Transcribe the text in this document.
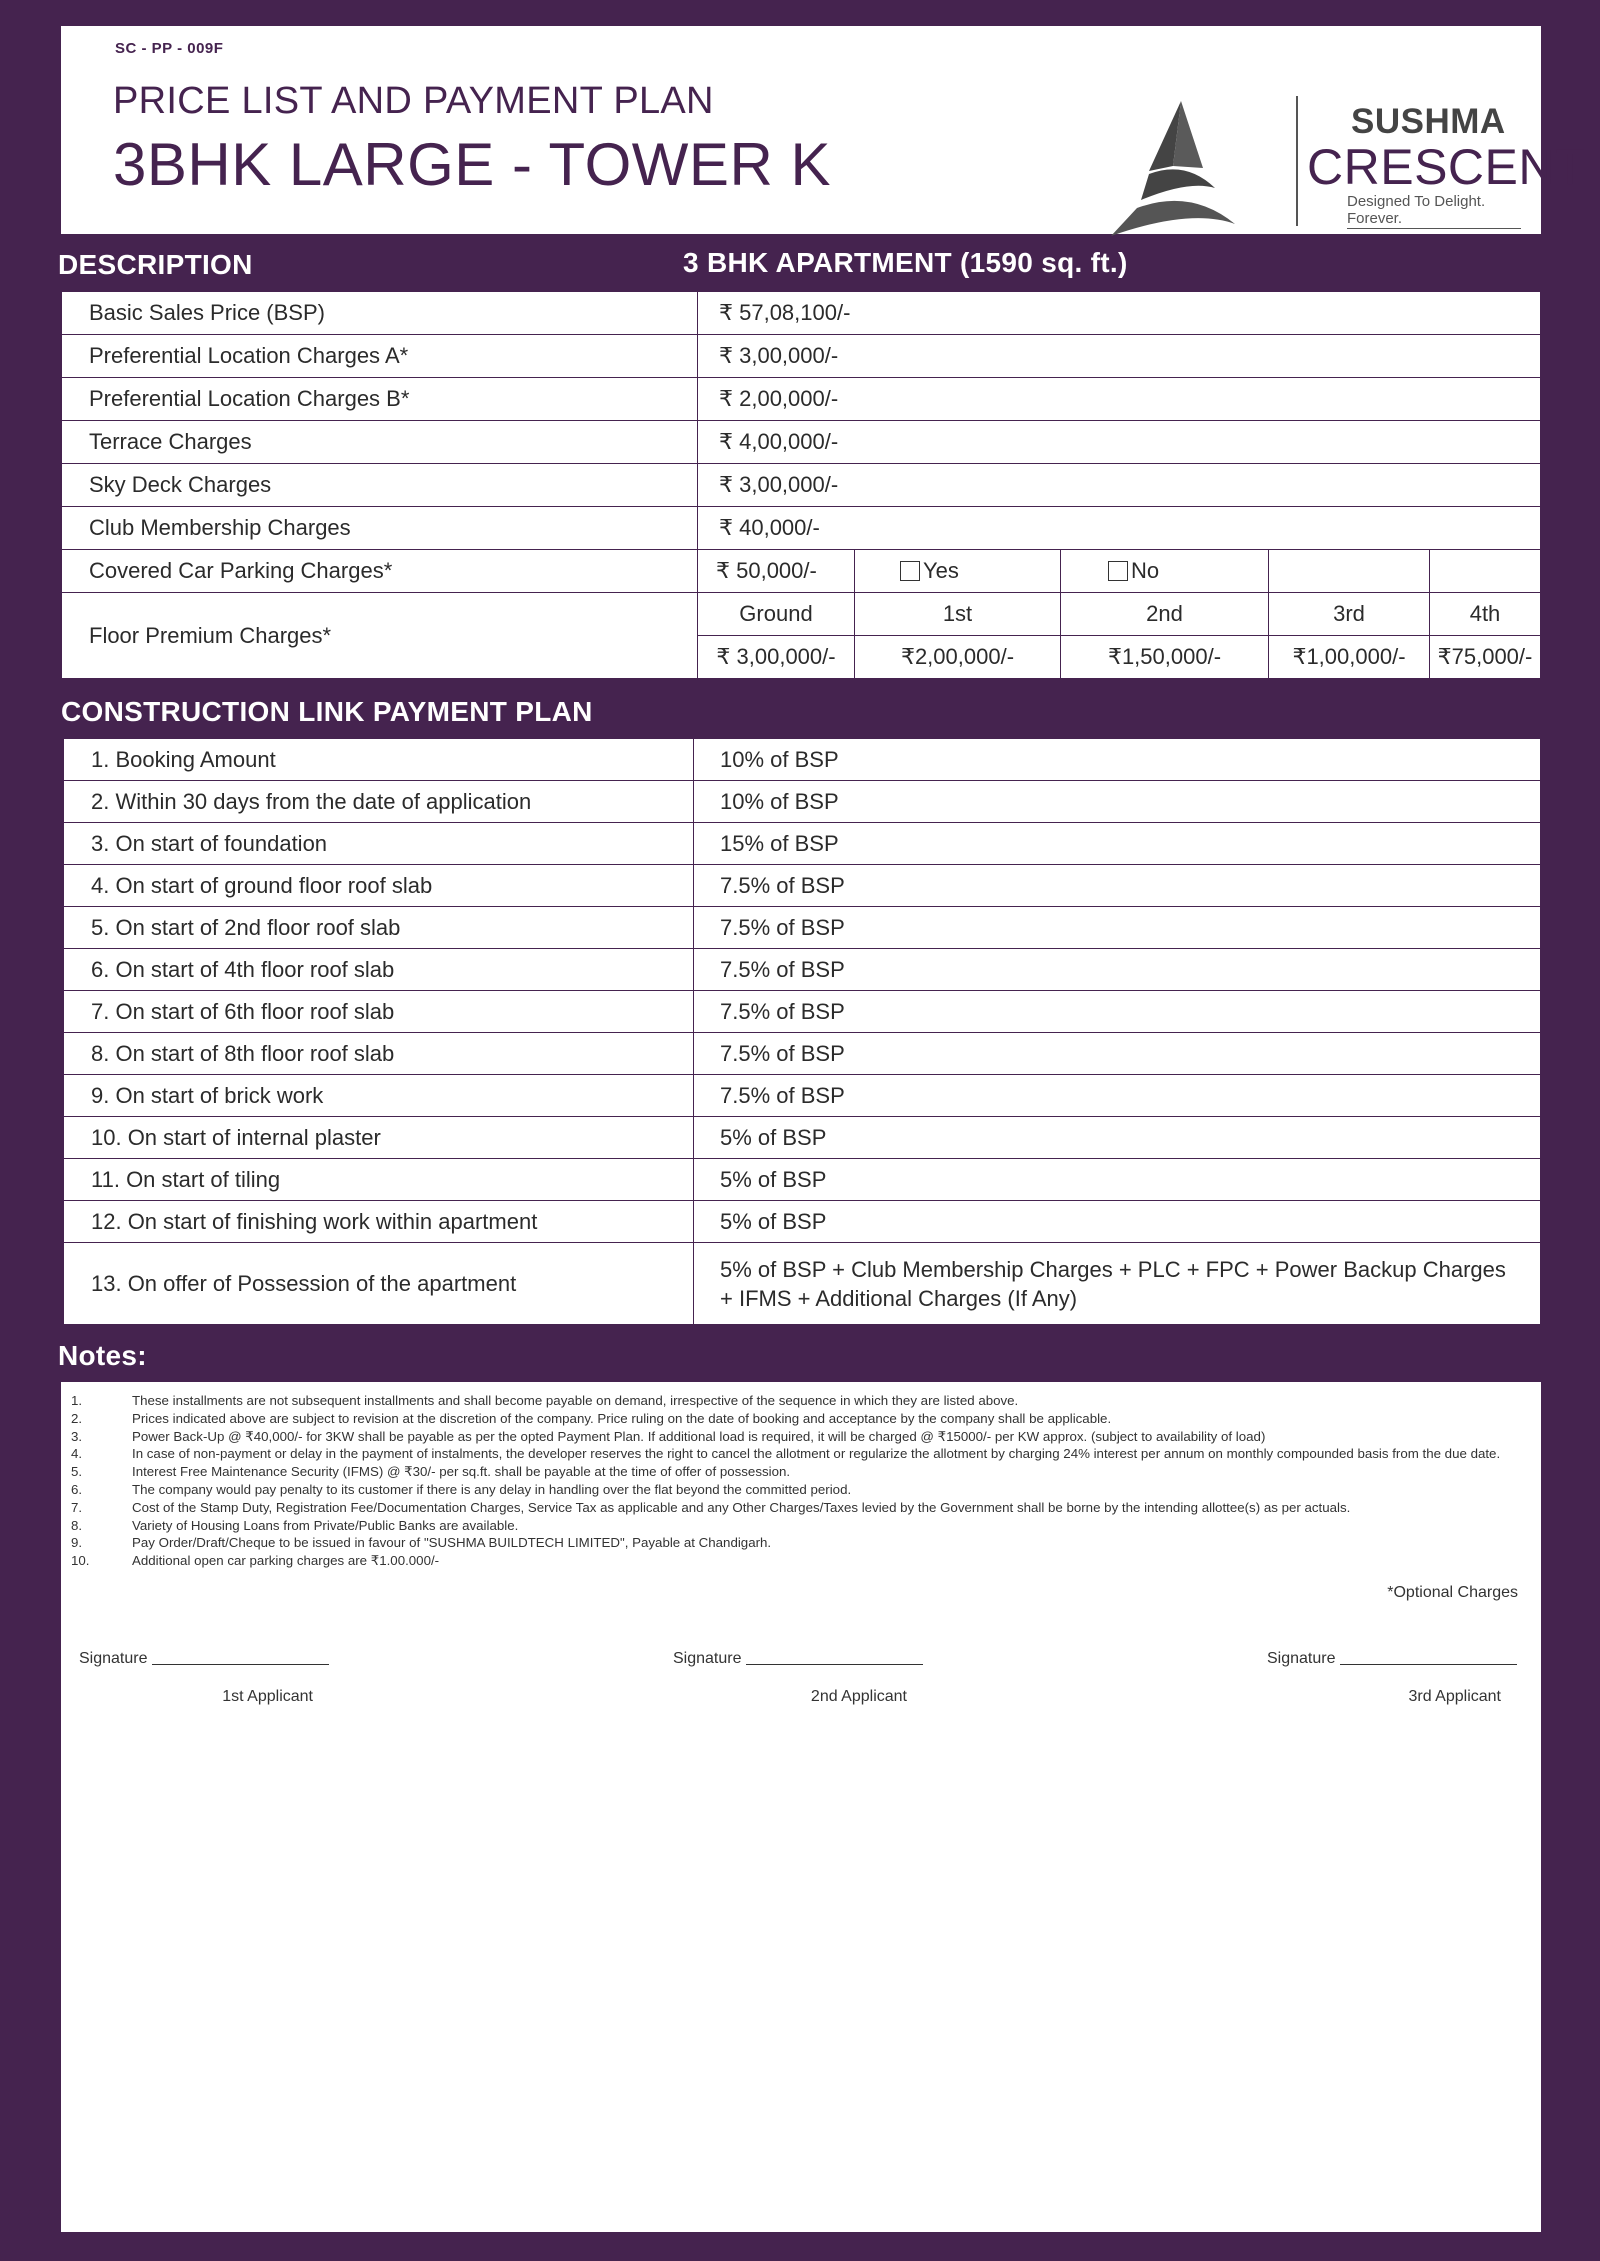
SC - PP - 009F
PRICE LIST AND PAYMENT PLAN
3BHK LARGE - TOWER K
SUSHMA
CRESCENT
Designed To Delight. Forever.
DESCRIPTION	3 BHK APARTMENT (1590 sq. ft.)
Basic Sales Price (BSP)	₹ 57,08,100/-				
Preferential Location Charges A*	₹ 3,00,000/-				
Preferential Location Charges B*	₹ 2,00,000/-				
Terrace Charges	₹ 4,00,000/-				
Sky Deck Charges	₹ 3,00,000/-				
Club Membership Charges	₹ 40,000/-				
Covered Car Parking Charges*	₹ 50,000/-	Yes	No		
Floor Premium Charges*	Ground	1st	2nd	3rd	4th
	₹ 3,00,000/-	₹2,00,000/-	₹1,50,000/-	₹1,00,000/-	₹75,000/-
CONSTRUCTION LINK PAYMENT PLAN
1. Booking Amount	10% of BSP
2. Within 30 days from the date of application	10% of BSP
3. On start of foundation	15% of BSP
4. On start of ground floor roof slab	7.5% of BSP
5. On start of 2nd floor roof slab	7.5% of BSP
6. On start of 4th floor roof slab	7.5% of BSP
7. On start of 6th floor roof slab	7.5% of BSP
8. On start of 8th floor roof slab	7.5% of BSP
9. On start of brick work	7.5% of BSP
10. On start of internal plaster	5% of BSP
11. On start of tiling	5% of BSP
12. On start of finishing work within apartment	5% of BSP
13. On offer of Possession of the apartment	5% of BSP + Club Membership Charges + PLC + FPC + Power Backup Charges
+ IFMS + Additional Charges (If Any)
Notes:
1.	These installments are not subsequent installments and shall become payable on demand, irrespective of the sequence in which they are listed above.
2.	Prices indicated above are subject to revision at the discretion of the company. Price ruling on the date of booking and acceptance by the company shall be applicable.
3.	Power Back-Up @ ₹40,000/- for 3KW shall be payable as per the opted Payment Plan. If additional load is required, it will be charged @ ₹15000/- per KW approx. (subject to availability of load)
4.	In case of non-payment or delay in the payment of instalments, the developer reserves the right to cancel the allotment or regularize the allotment by charging 24% interest per annum on monthly compounded basis from the due date.
5.	Interest Free Maintenance Security (IFMS) @ ₹30/- per sq.ft. shall be payable at the time of offer of possession.
6.	The company would pay penalty to its customer if there is any delay in handling over the flat beyond the committed period.
7.	Cost of the Stamp Duty, Registration Fee/Documentation Charges, Service Tax as applicable and any Other Charges/Taxes levied by the Government shall be borne by the intending allottee(s) as per actuals.
8.	Variety of Housing Loans from Private/Public Banks are available.
9.	Pay Order/Draft/Cheque to be issued in favour of "SUSHMA BUILDTECH LIMITED", Payable at Chandigarh.
10.	Additional open car parking charges are ₹1.00.000/-
*Optional Charges
Signature
1st Applicant
Signature
2nd Applicant
Signature
3rd Applicant
